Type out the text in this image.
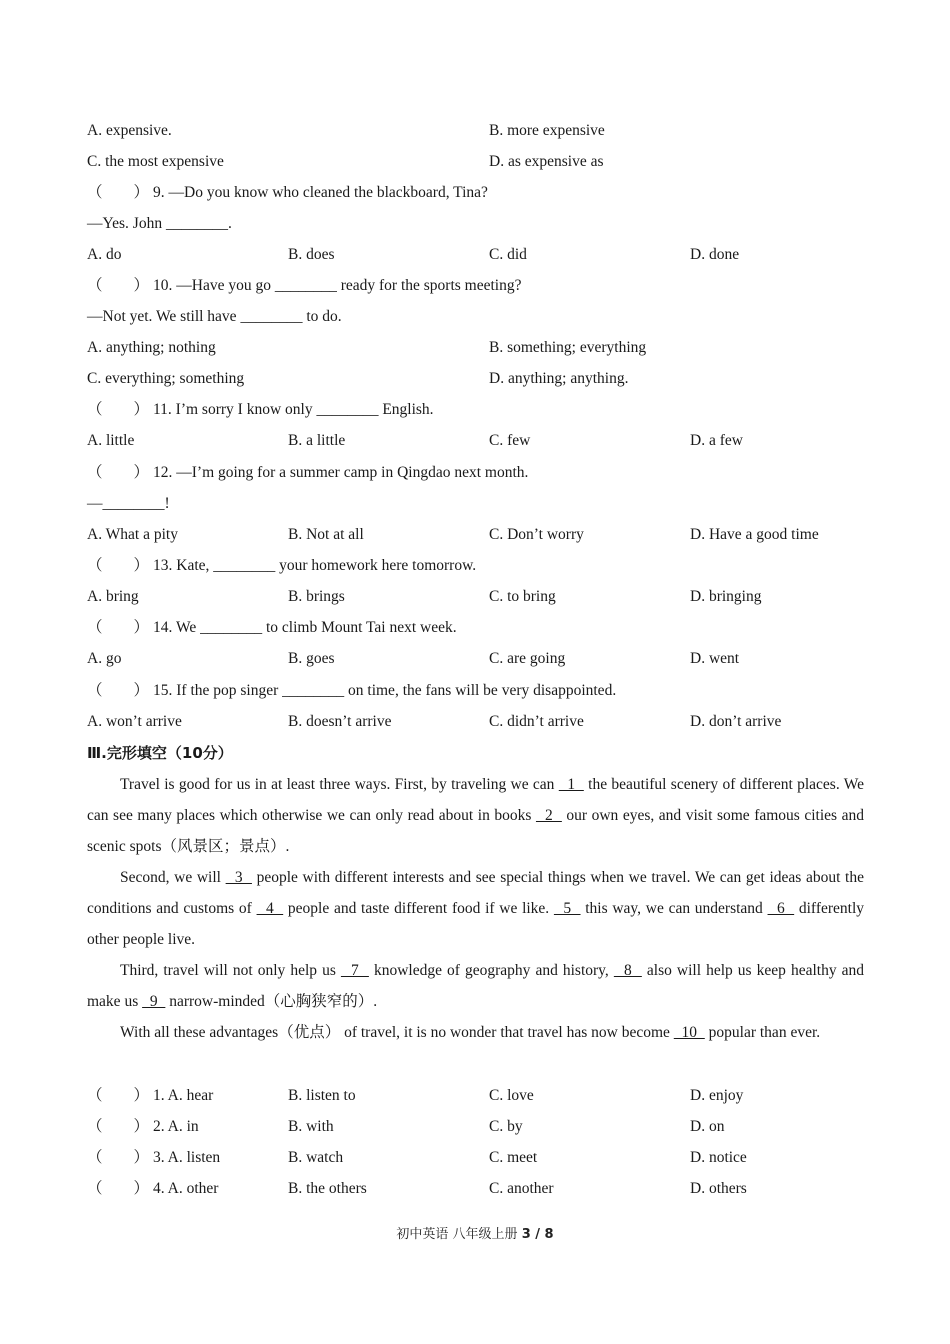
A. expensive.	B. more expensive
C. the most expensive	D. as expensive as
（　　） 9. —Do you know who cleaned the blackboard, Tina?
—Yes. John ________.
A. do	B. does	C. did	D. done
（　　） 10. —Have you go ________ ready for the sports meeting?
—Not yet. We still have ________ to do.
A. anything; nothing	B. something; everything
C. everything; something	D. anything; anything.
（　　） 11. I’m sorry I know only ________ English.
A. little	B. a little	C. few	D. a few
（　　） 12. —I’m going for a summer camp in Qingdao next month.
—________!
A. What a pity	B. Not at all	C. Don’t worry	D. Have a good time
（　　） 13. Kate, ________ your homework here tomorrow.
A. bring	B. brings	C. to bring	D. bringing
（　　） 14. We ________ to climb Mount Tai next week.
A. go	B. goes	C. are going	D. went
（　　） 15. If the pop singer ________ on time, the fans will be very disappointed.
A. won’t arrive	B. doesn’t arrive	C. didn’t arrive	D. don’t arrive
Ⅲ.完形填空（10分）

Travel is good for us in at least three ways. First, by traveling we can   1   the beautiful scenery of different places. We can see many places which otherwise we can only read about in books   2   our own eyes, and visit some famous cities and scenic spots（风景区；景点）.

Second, we will   3   people with different interests and see special things when we travel. We can get ideas about the conditions and customs of   4   people and taste different food if we like.   5   this way, we can understand   6   differently other people live.

Third, travel will not only help us   7   knowledge of geography and history,   8   also will help us keep healthy and make us   9   narrow-minded（心胸狭窄的）.

With all these advantages（优点） of travel, it is no wonder that travel has now become   10   popular than ever.

（　　） 1. A. hear	B. listen to	C. love	D. enjoy
（　　） 2. A. in	B. with	C. by	D. on
（　　） 3. A. listen	B. watch	C. meet	D. notice
（　　） 4. A. other	B. the others	C. another	D. others
初中英语 八年级上册 3 / 8
